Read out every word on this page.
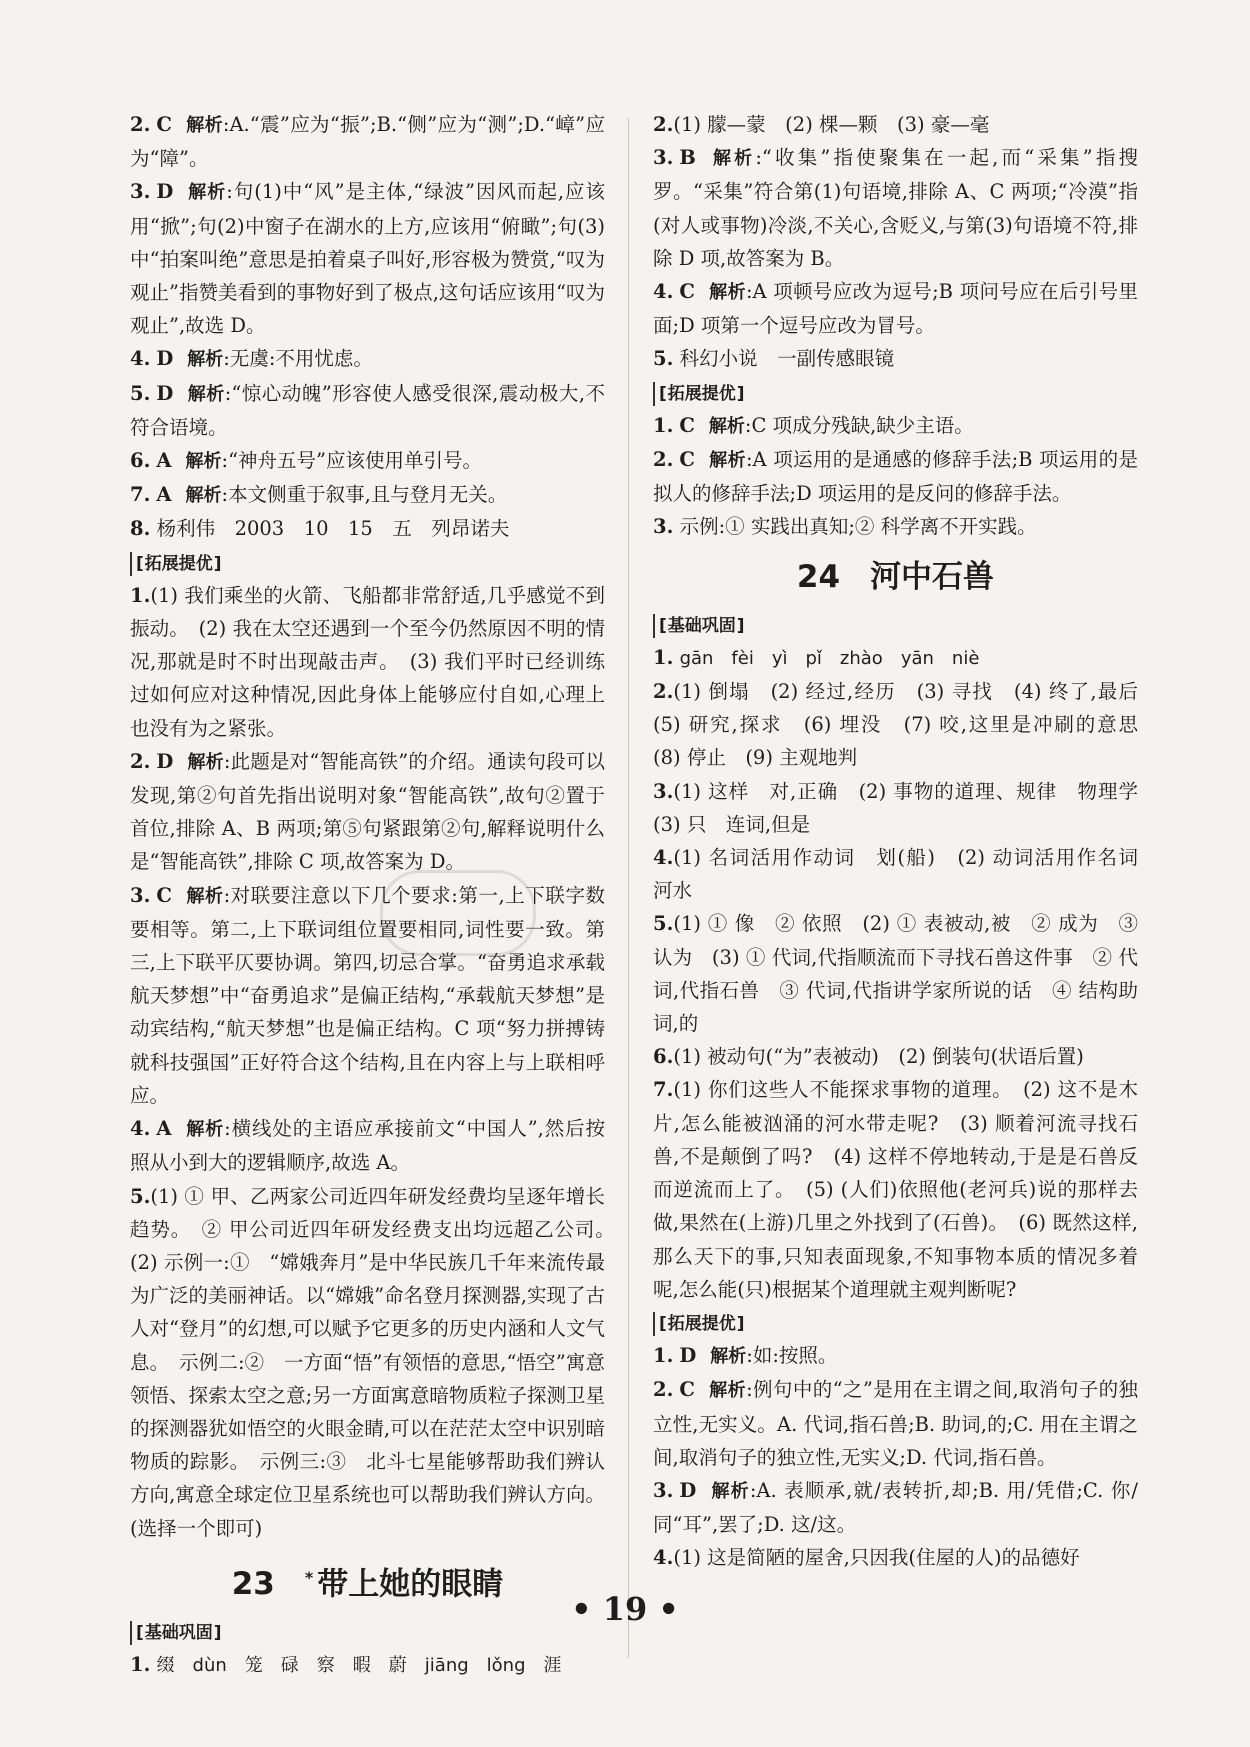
2. C 解析:A.“震”应为“振”;B.“侧”应为“测”;D.“嶂”应为“障”。

3. D 解析:句(1)中“风”是主体,“绿波”因风而起,应该用“掀”;句(2)中窗子在湖水的上方,应该用“俯瞰”;句(3)中“拍案叫绝”意思是拍着桌子叫好,形容极为赞赏,“叹为观止”指赞美看到的事物好到了极点,这句话应该用“叹为观止”,故选 D。

4. D 解析:无虞:不用忧虑。

5. D 解析:“惊心动魄”形容使人感受很深,震动极大,不符合语境。

6. A 解析:“神舟五号”应该使用单引号。

7. A 解析:本文侧重于叙事,且与登月无关。

8. 杨利伟　2003　10　15　五　列昂诺夫

[ 拓展提优 ]

1.(1) 我们乘坐的火箭、飞船都非常舒适,几乎感觉不到振动。　(2) 我在太空还遇到一个至今仍然原因不明的情况,那就是时不时出现敲击声。　(3) 我们平时已经训练过如何应对这种情况,因此身体上能够应付自如,心理上也没有为之紧张。

2. D 解析:此题是对“智能高铁”的介绍。通读句段可以发现,第②句首先指出说明对象“智能高铁”,故句②置于首位,排除 A、B 两项;第⑤句紧跟第②句,解释说明什么是“智能高铁”,排除 C 项,故答案为 D。

3. C 解析:对联要注意以下几个要求:第一,上下联字数要相等。第二,上下联词组位置要相同,词性要一致。第三,上下联平仄要协调。第四,切忌合掌。“奋勇追求承载航天梦想”中“奋勇追求”是偏正结构,“承载航天梦想”是动宾结构,“航天梦想”也是偏正结构。C 项“努力拼搏铸就科技强国”正好符合这个结构,且在内容上与上联相呼应。

4. A 解析:横线处的主语应承接前文“中国人”,然后按照从小到大的逻辑顺序,故选 A。

5.(1) ① 甲、乙两家公司近四年研发经费均呈逐年增长趋势。　② 甲公司近四年研发经费支出均远超乙公司。　(2) 示例一:①　“嫦娥奔月”是中华民族几千年来流传最为广泛的美丽神话。以“嫦娥”命名登月探测器,实现了古人对“登月”的幻想,可以赋予它更多的历史内涵和人文气息。　示例二:②　一方面“悟”有领悟的意思,“悟空”寓意领悟、探索太空之意;另一方面寓意暗物质粒子探测卫星的探测器犹如悟空的火眼金睛,可以在茫茫太空中识别暗物质的踪影。　示例三:③　北斗七星能够帮助我们辨认方向,寓意全球定位卫星系统也可以帮助我们辨认方向。(选择一个即可)

23 * 带上她的眼睛
[ 基础巩固 ]

1. 缀　dùn　笼　碌　察　暇　蔚　jiāng　lǒng　涯

2.(1) 朦—蒙　(2) 棵—颗　(3) 豪—毫

3. B 解析:“收集”指使聚集在一起,而“采集”指搜罗。“采集”符合第(1)句语境,排除 A、C 两项;“冷漠”指(对人或事物)冷淡,不关心,含贬义,与第(3)句语境不符,排除 D 项,故答案为 B。

4. C 解析:A 项顿号应改为逗号;B 项问号应在后引号里面;D 项第一个逗号应改为冒号。

5. 科幻小说　一副传感眼镜

[ 拓展提优 ]

1. C 解析:C 项成分残缺,缺少主语。

2. C 解析:A 项运用的是通感的修辞手法;B 项运用的是拟人的修辞手法;D 项运用的是反问的修辞手法。

3. 示例:① 实践出真知;② 科学离不开实践。

24 河中石兽
[ 基础巩固 ]

1. gān　fèi　yì　pǐ　zhào　yān　niè

2.(1) 倒塌　(2) 经过,经历　(3) 寻找　(4) 终了,最后　(5) 研究,探求　(6) 埋没　(7) 咬,这里是冲刷的意思　(8) 停止　(9) 主观地判

3.(1) 这样　对,正确　(2) 事物的道理、规律　物理学　(3) 只　连词,但是

4.(1) 名词活用作动词　划(船)　(2) 动词活用作名词　河水

5.(1) ① 像　② 依照　(2) ① 表被动,被　② 成为　③ 认为　(3) ① 代词,代指顺流而下寻找石兽这件事　② 代词,代指石兽　③ 代词,代指讲学家所说的话　④ 结构助词,的

6.(1) 被动句(“为”表被动)　(2) 倒装句(状语后置)

7.(1) 你们这些人不能探求事物的道理。　(2) 这不是木片,怎么能被汹涌的河水带走呢?　(3) 顺着河流寻找石兽,不是颠倒了吗?　(4) 这样不停地转动,于是是石兽反而逆流而上了。　(5) (人们)依照他(老河兵)说的那样去做,果然在(上游)几里之外找到了(石兽)。　(6) 既然这样,那么天下的事,只知表面现象,不知事物本质的情况多着呢,怎么能(只)根据某个道理就主观判断呢?

[ 拓展提优 ]

1. D 解析:如:按照。

2. C 解析:例句中的“之”是用在主谓之间,取消句子的独立性,无实义。A. 代词,指石兽;B. 助词,的;C. 用在主谓之间,取消句子的独立性,无实义;D. 代词,指石兽。

3. D 解析:A. 表顺承,就/表转折,却;B. 用/凭借;C. 你/同“耳”,罢了;D. 这/这。

4.(1) 这是简陋的屋舍,只因我(住屋的人)的品德好

• 19 •
